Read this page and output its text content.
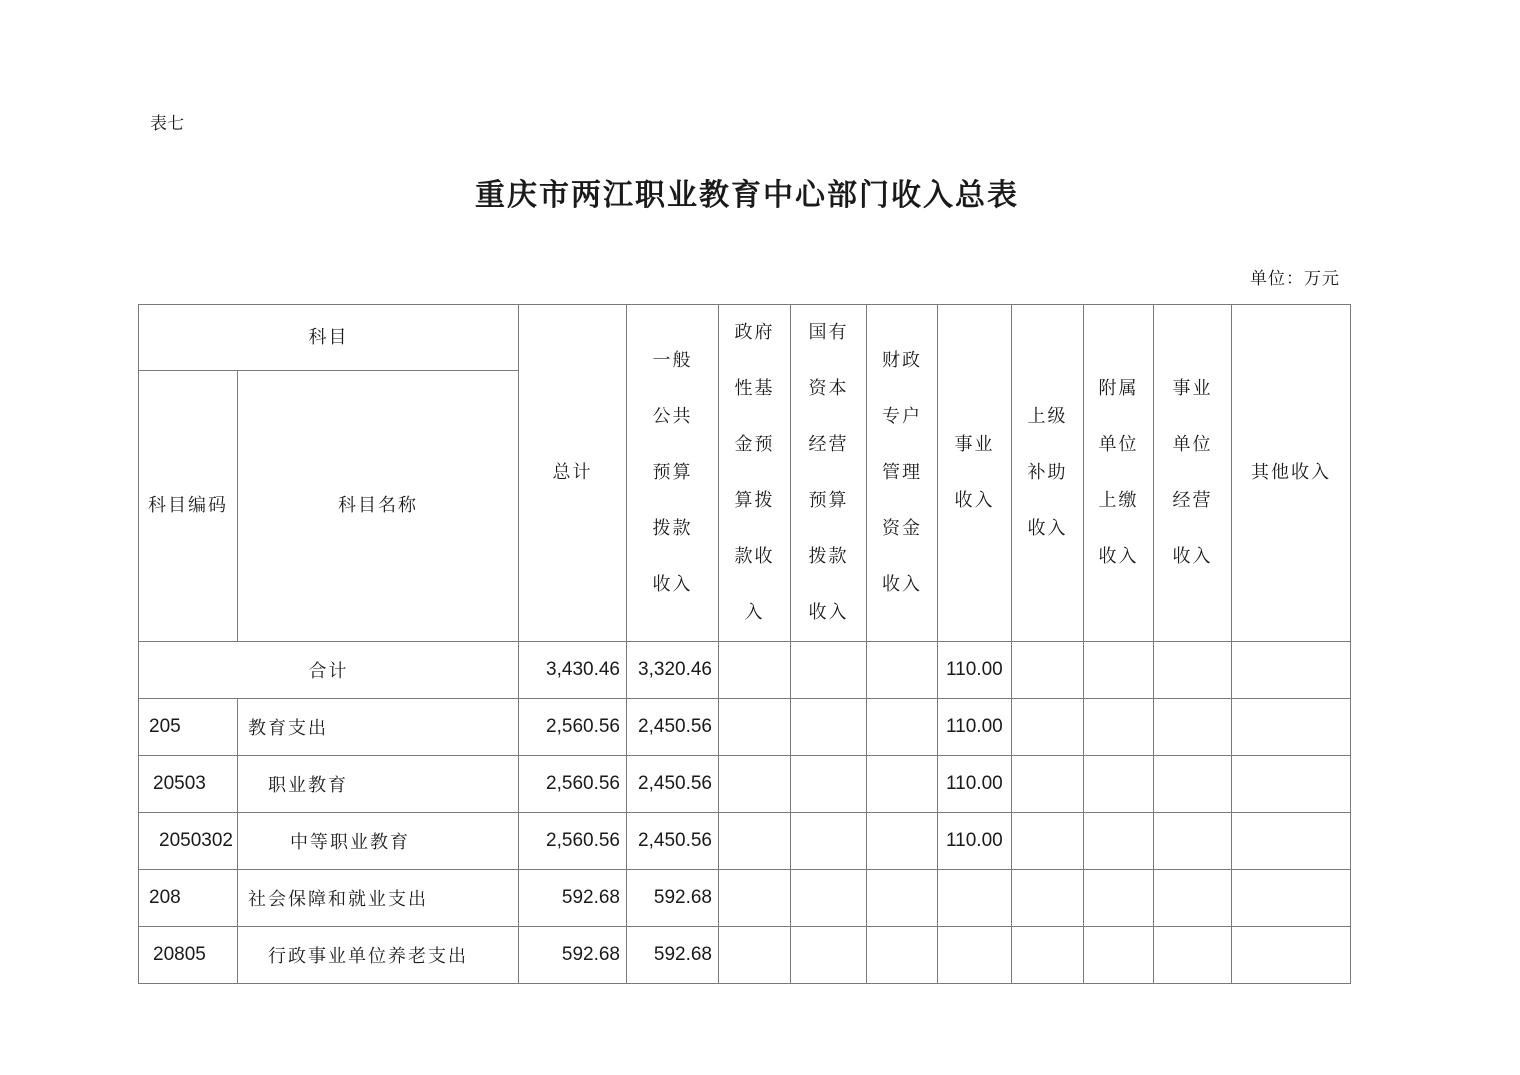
表七
重庆市两江职业教育中心部门收入总表
单位：万元
科目		总计	一般公共预算拨款收入	政府性基金预算拨款收入	国有资本经营预算拨款收入	财政专户管理资金收入	事业收入	上级补助收入	附属单位上缴收入	事业单位经营收入	其他收入
科目编码	科目名称										
合计		3,430.46	3,320.46				110.00				
205	教育支出	2,560.56	2,450.56				110.00				
20503	职业教育	2,560.56	2,450.56				110.00				
2050302	中等职业教育	2,560.56	2,450.56				110.00				
208	社会保障和就业支出	592.68	592.68								
20805	行政事业单位养老支出	592.68	592.68								
